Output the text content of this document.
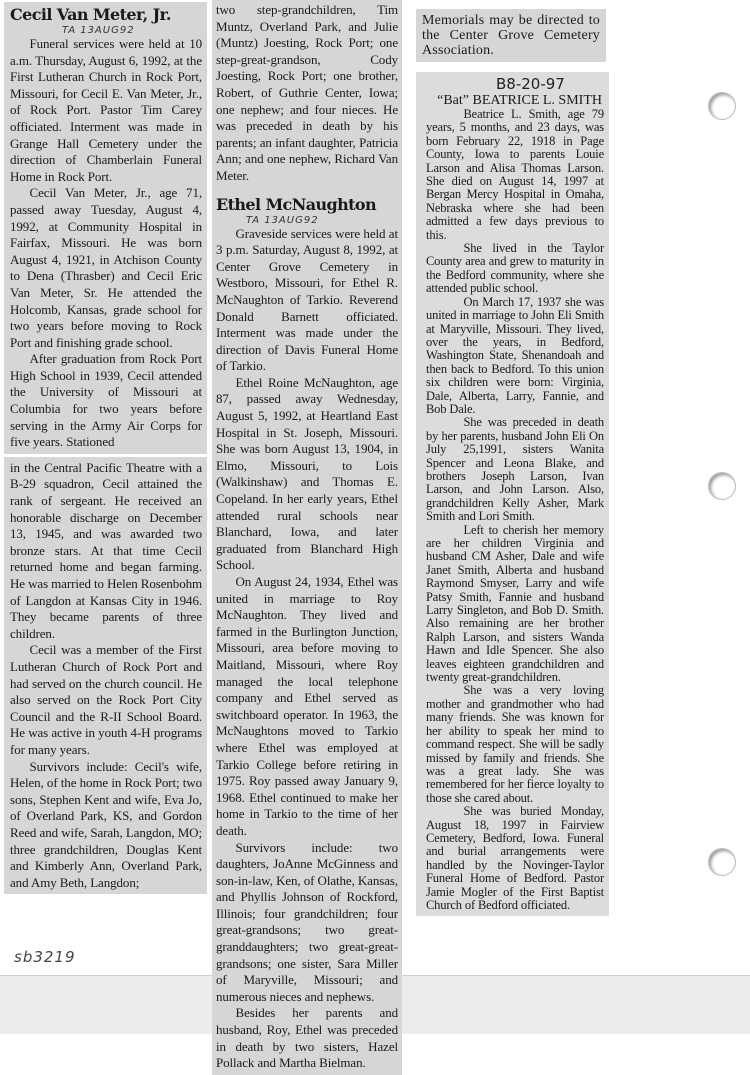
Cecil Van Meter, Jr.
TA 13AUG92

Funeral services were held at 10 a.m. Thursday, August 6, 1992, at the First Lutheran Church in Rock Port, Missouri, for Cecil E. Van Meter, Jr., of Rock Port. Pastor Tim Carey officiated. Interment was made in Grange Hall Cemetery under the direction of Chamberlain Funeral Home in Rock Port.

Cecil Van Meter, Jr., age 71, passed away Tuesday, August 4, 1992, at Community Hospital in Fairfax, Missouri. He was born August 4, 1921, in Atchison County to Dena (Thrasber) and Cecil Eric Van Meter, Sr. He attended the Holcomb, Kansas, grade school for two years before moving to Rock Port and finishing grade school.

After graduation from Rock Port High School in 1939, Cecil attended the University of Missouri at Columbia for two years before serving in the Army Air Corps for five years. Stationed

in the Central Pacific Theatre with a B-29 squadron, Cecil attained the rank of sergeant. He received an honorable discharge on December 13, 1945, and was awarded two bronze stars. At that time Cecil returned home and began farming. He was married to Helen Rosenbohm of Langdon at Kansas City in 1946. They became parents of three children.

Cecil was a member of the First Lutheran Church of Rock Port and had served on the church council. He also served on the Rock Port City Council and the R-II School Board. He was active in youth 4-H programs for many years.

Survivors include: Cecil's wife, Helen, of the home in Rock Port; two sons, Stephen Kent and wife, Eva Jo, of Overland Park, KS, and Gordon Reed and wife, Sarah, Langdon, MO; three grandchildren, Douglas Kent and Kimberly Ann, Overland Park, and Amy Beth, Langdon;

two step-grandchildren, Tim Muntz, Overland Park, and Julie (Muntz) Joesting, Rock Port; one step-great-grandson, Cody Joesting, Rock Port; one brother, Robert, of Guthrie Center, Iowa; one nephew; and four nieces. He was preceded in death by his parents; an infant daughter, Patricia Ann; and one nephew, Richard Van Meter.

Ethel McNaughton
TA 13AUG92

Graveside services were held at 3 p.m. Saturday, August 8, 1992, at Center Grove Cemetery in Westboro, Missouri, for Ethel R. McNaughton of Tarkio. Reverend Donald Barnett officiated. Interment was made under the direction of Davis Funeral Home of Tarkio.

Ethel Roine McNaughton, age 87, passed away Wednesday, August 5, 1992, at Heartland East Hospital in St. Joseph, Missouri. She was born August 13, 1904, in Elmo, Missouri, to Lois (Walkinshaw) and Thomas E. Copeland. In her early years, Ethel attended rural schools near Blanchard, Iowa, and later graduated from Blanchard High School.

On August 24, 1934, Ethel was united in marriage to Roy McNaughton. They lived and farmed in the Burlington Junction, Missouri, area before moving to Maitland, Missouri, where Roy managed the local telephone company and Ethel served as switchboard operator. In 1963, the McNaughtons moved to Tarkio where Ethel was employed at Tarkio College before retiring in 1975. Roy passed away January 9, 1968. Ethel continued to make her home in Tarkio to the time of her death.

Survivors include: two daughters, JoAnne McGinness and son-in-law, Ken, of Olathe, Kansas, and Phyllis Johnson of Rockford, Illinois; four grandchildren; four great-grandsons; two great-granddaughters; two great-great-grandsons; one sister, Sara Miller of Maryville, Missouri; and numerous nieces and nephews.

Besides her parents and husband, Roy, Ethel was preceded in death by two sisters, Hazel Pollack and Martha Bielman.

Memorials may be directed to the Center Grove Cemetery Association.

B8-20-97
“Bat” BEATRICE L. SMITH

Beatrice L. Smith, age 79 years, 5 months, and 23 days, was born February 22, 1918 in Page County, Iowa to parents Louie Larson and Alisa Thomas Larson. She died on August 14, 1997 at Bergan Mercy Hospital in Omaha, Nebraska where she had been admitted a few days previous to this.

She lived in the Taylor County area and grew to maturity in the Bedford community, where she attended public school.

On March 17, 1937 she was united in marriage to John Eli Smith at Maryville, Missouri. They lived, over the years, in Bedford, Washington State, Shenandoah and then back to Bedford. To this union six children were born: Virginia, Dale, Alberta, Larry, Fannie, and Bob Dale.

She was preceded in death by her parents, husband John Eli On July 25,1991, sisters Wanita Spencer and Leona Blake, and brothers Joseph Larson, Ivan Larson, and John Larson. Also, grandchildren Kelly Asher, Mark Smith and Lori Smith.

Left to cherish her memory are her children Virginia and husband CM Asher, Dale and wife Janet Smith, Alberta and husband Raymond Smyser, Larry and wife Patsy Smith, Fannie and husband Larry Singleton, and Bob D. Smith. Also remaining are her brother Ralph Larson, and sisters Wanda Hawn and Idle Spencer. She also leaves eighteen grandchildren and twenty great-grandchildren.

She was a very loving mother and grandmother who had many friends. She was known for her ability to speak her mind to command respect. She will be sadly missed by family and friends. She was a great lady. She was remembered for her fierce loyalty to those she cared about.

She was buried Monday, August 18, 1997 in Fairview Cemetery, Bedford, Iowa. Funeral and burial arrangements were handled by the Novinger-Taylor Funeral Home of Bedford. Pastor Jamie Mogler of the First Baptist Church of Bedford officiated.

sb3219
